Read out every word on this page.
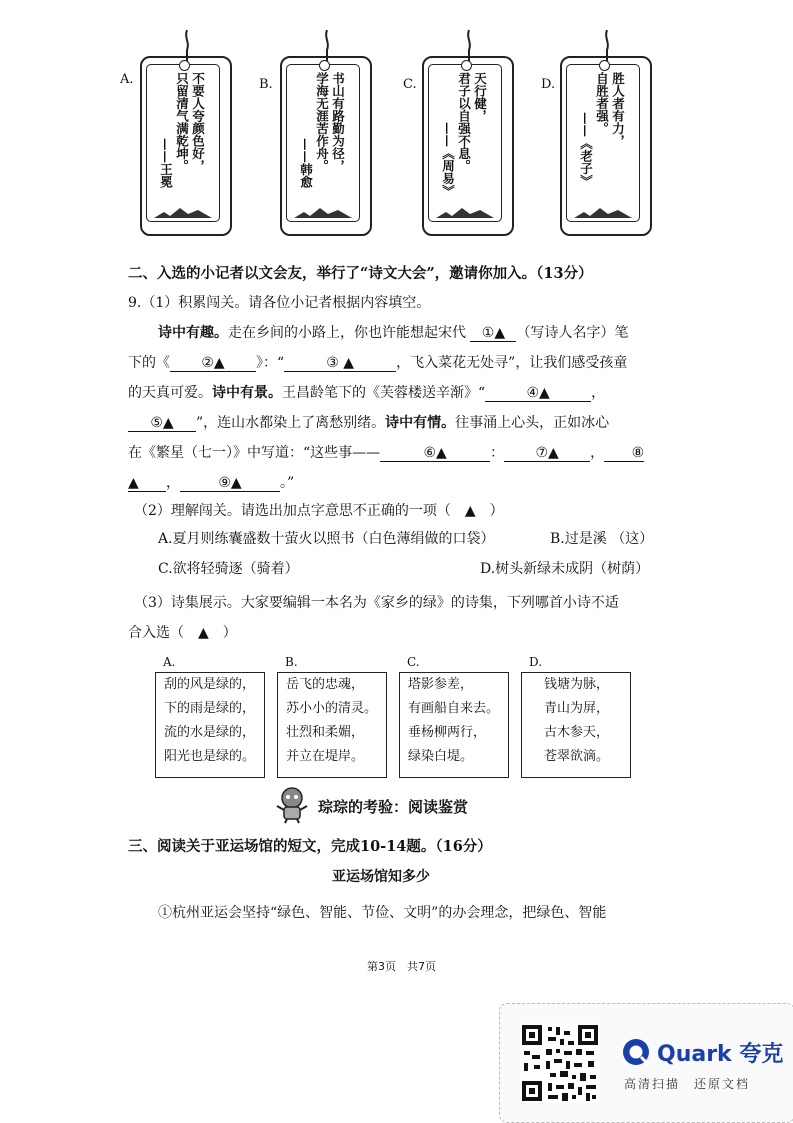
A.	B.	C.	D.
不要人夸颜色好，
只留清气满乾坤。
——王冕	书山有路勤为径，
学海无涯苦作舟。
——韩愈
天行健，
君子以自强不息。
——《周易》
胜人者有力，
自胜者强。
——《老子》
二、入选的小记者以文会友，举行了“诗文大会”，邀请你加入。（13分）
9.（1）积累闯关。请各位小记者根据内容填空。
诗中有趣。走在乡间的小路上，你也许能想起宋代 ①▲ （写诗人名字）笔
下的《 ②▲ 》：“	③ ▲	，飞入菜花无处寻”，让我们感受孩童
的天真可爱。诗中有景。王昌龄笔下的《芙蓉楼送辛渐》“	④▲	，
⑤▲ ”，连山水都染上了离愁别绪。诗中有情。往事涌上心头，正如冰心
在《繁星（七一）》中写道：“这些事——	⑥▲	： ⑦▲ ， ⑧
▲ ，	⑨▲	。”
（2）理解闯关。请选出加点字意思不正确的一项（　▲　）
A.夏月则练囊盛数十萤火以照书（白色薄绢做的口袋）	B.过是溪 （这）
C.欲将轻骑逐（骑着）	D.树头新绿未成阴（树荫）
（3）诗集展示。大家要编辑一本名为《家乡的绿》的诗集，下列哪首小诗不适
合入选（　▲　）
A.
刮的风是绿的，
下的雨是绿的，
流的水是绿的，
阳光也是绿的。
B.
岳飞的忠魂，
苏小小的清灵。
壮烈和柔媚，
并立在堤岸。
C.
塔影参差，
有画船自来去。
垂杨柳两行，
绿染白堤。
D.
钱塘为脉，
青山为屏，
古木参天，
苍翠欲滴。
琮琮的考验：阅读鉴赏
三、阅读关于亚运场馆的短文，完成10-14题。（16分）
亚运场馆知多少
①杭州亚运会坚持“绿色、智能、节俭、文明”的办会理念，把绿色、智能
第3页　共7页
Quark 夸克
高清扫描　还原文档
